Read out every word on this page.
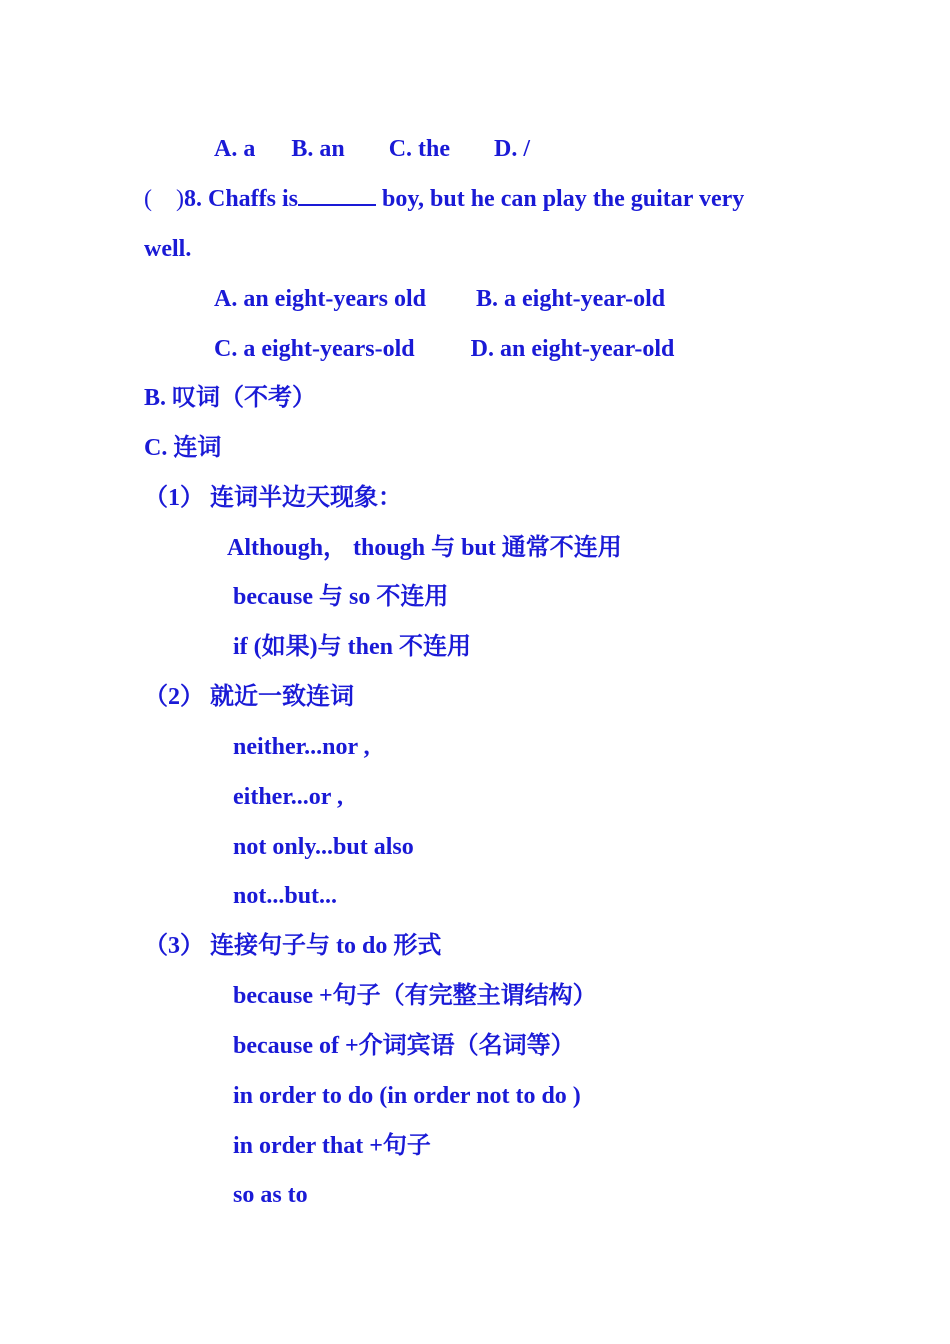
A. a B. an C. the D. /
(    )8. Chaffs is	boy, but he can play the guitar very
well.
A. an eight-years old B. a eight-year-old
C. a eight-years-old D. an eight-year-old
B. 叹词（不考）
C. 连词
（1） 连词半边天现象：
Although， though 与 but 通常不连用
because 与 so 不连用
if (如果)与 then 不连用
（2） 就近一致连词
neither...nor ,
either...or ,
not only...but also
not...but...
（3） 连接句子与 to do 形式
because +句子（有完整主谓结构）
because of +介词宾语（名词等）
in order to do (in order not to do )
in order that +句子
so as to
